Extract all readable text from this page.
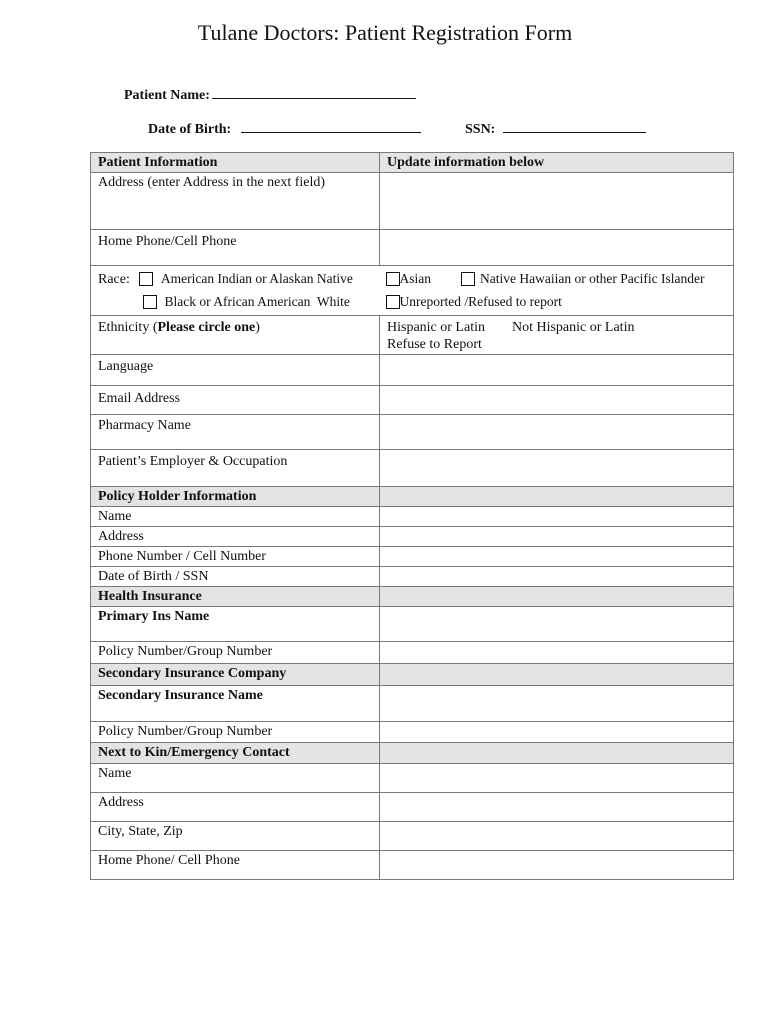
Tulane Doctors: Patient Registration Form
Patient Name:
Date of Birth:	SSN:
Patient Information	Update information below
Address (enter Address in the next field)	
Home Phone/Cell Phone	
Race: American Indian or Alaskan Native	Asian Native Hawaiian or other Pacific Islander
Black or African American  White	Unreported /Refused to report
Ethnicity (Please circle one)	Hispanic or Latin Not Hispanic or Latin
Refuse to Report

Language	
Email Address	
Pharmacy Name	
Patient’s Employer & Occupation	
Policy Holder Information	
Name	
Address	
Phone Number / Cell Number	
Date of Birth / SSN	
Health Insurance	
Primary Ins Name	
Policy Number/Group Number	
Secondary Insurance Company	
Secondary Insurance Name	
Policy Number/Group Number	
Next to Kin/Emergency Contact	
Name	
Address	
City, State, Zip	
Home Phone/ Cell Phone	
